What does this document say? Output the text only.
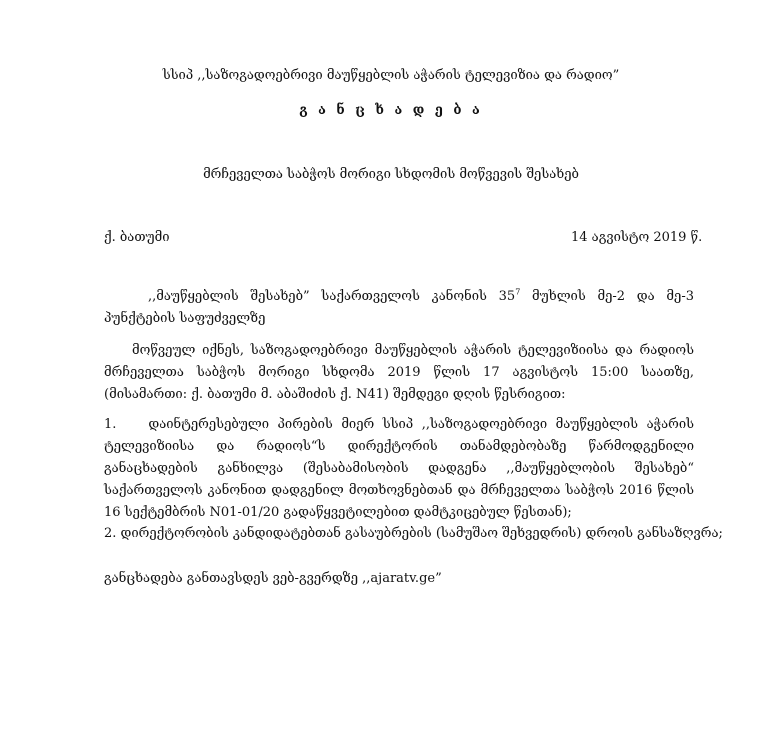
სსიპ ,,საზოგადოებრივი მაუწყებლის აჭარის ტელევიზია და რადიო”
გ ა ნ ც ხ ა დ ე ბ ა
მრჩეველთა საბჭოს მორიგი სხდომის მოწვევის შესახებ
ქ. ბათუმი	14 აგვისტო 2019 წ.
,,მაუწყებლის შესახებ” საქართველოს კანონის $35^7$ მუხლის მე-2 და მე-3 პუნქტების საფუძველზე
მოწვეულ იქნეს, საზოგადოებრივი მაუწყებლის აჭარის ტელევიზიისა და რადიოს მრჩეველთა საბჭოს მორიგი სხდომა 2019 წლის 17 აგვისტოს 15:00 საათზე, (მისამართი: ქ. ბათუმი მ. აბაშიძის ქ. N41) შემდეგი დღის წესრიგით:
1. დაინტერესებული პირების მიერ სსიპ ,,საზოგადოებრივი მაუწყებლის აჭარის ტელევიზიისა და რადიოს“ს დირექტორის თანამდებობაზე წარმოდგენილი განაცხადების განხილვა (შესაბამისობის დადგენა ,,მაუწყებლობის შესახებ“ საქართველოს კანონით დადგენილ მოთხოვნებთან და მრჩეველთა საბჭოს 2016 წლის 16 სექტემბრის N01-01/20 გადაწყვეტილებით დამტკიცებულ წესთან);
2. დირექტორობის კანდიდატებთან გასაუბრების (სამუშაო შეხვედრის) დროის განსაზღვრა;
განცხადება განთავსდეს ვებ-გვერდზე ,,ajaratv.ge”
